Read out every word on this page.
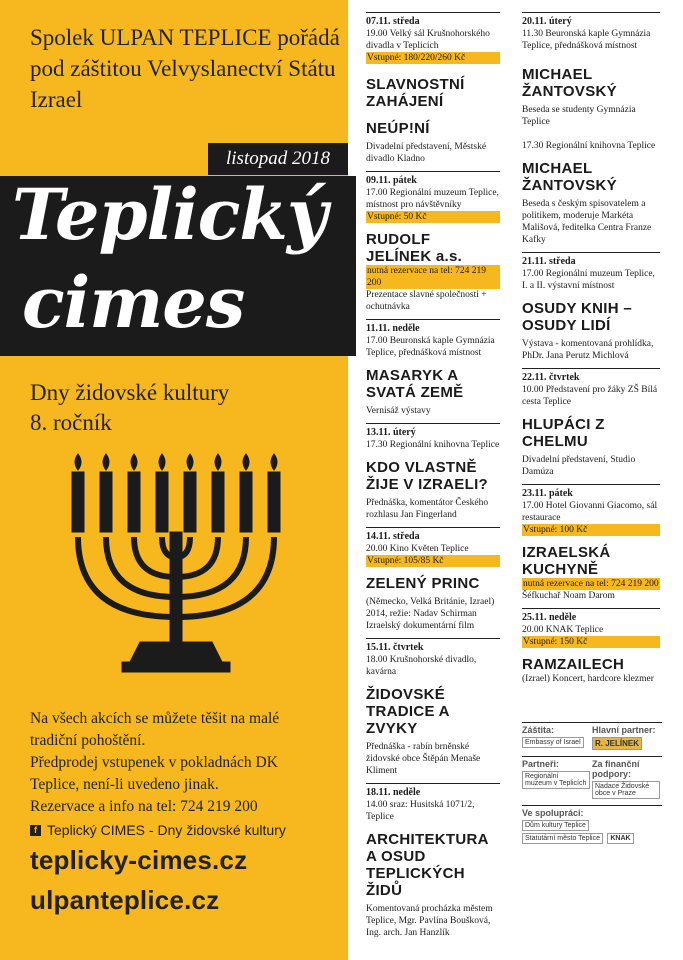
Spolek ULPAN TEPLICE pořádá pod záštitou Velvyslanectví Státu Izrael
listopad 2018
Teplický
cimes
Dny židovské kultury
8. ročník
Na všech akcích se můžete těšit na malé tradiční pohoštění.
Předprodej vstupenek v pokladnách DK Teplice, není-li uvedeno jinak.
Rezervace a info na tel: 724 219 200
f Teplický CIMES - Dny židovské kultury
teplicky-cimes.cz
ulpanteplice.cz
07.11. středa
19.00 Velký sál Krušnohorského divadla v Teplicích
Vstupné: 180/220/260 Kč
SLAVNOSTNÍ ZAHÁJENÍ
NEÚP!NÍ
Divadelní představení, Městské divadlo Kladno
09.11. pátek
17.00 Regionální muzeum Teplice, místnost pro návštěvníky
Vstupné: 50 Kč
RUDOLF JELÍNEK a.s.
nutná rezervace na tel: 724 219 200
Prezentace slavné společnosti + ochutnávka
11.11. neděle
17.00 Beuronská kaple Gymnázia Teplice, přednášková místnost
MASARYK A SVATÁ ZEMĚ
Vernisáž výstavy
13.11. úterý
17.30 Regionální knihovna Teplice
KDO VLASTNĚ ŽIJE V IZRAELI?
Přednáška, komentátor Českého rozhlasu Jan Fingerland
14.11. středa
20.00 Kino Květen Teplice
Vstupné: 105/85 Kč
ZELENÝ PRINC
(Německo, Velká Británie, Izrael) 2014, režie: Nadav Schirman Izraelský dokumentární film
15.11. čtvrtek
18.00 Krušnohorské divadlo, kavárna
ŽIDOVSKÉ TRADICE A ZVYKY
Přednáška - rabín brněnské židovské obce Štěpán Menaše Kliment
18.11. neděle
14.00 sraz: Husitská 1071/2, Teplice
ARCHITEKTURA A OSUD TEPLICKÝCH ŽIDŮ
Komentovaná procházka městem Teplice, Mgr. Pavlína Boušková, Ing. arch. Jan Hanzlík
20.11. úterý
11.30 Beuronská kaple Gymnázia Teplice, přednášková místnost
MICHAEL ŽANTOVSKÝ
Beseda se studenty Gymnázia Teplice
17.30 Regionální knihovna Teplice
MICHAEL ŽANTOVSKÝ
Beseda s českým spisovatelem a politikem, moderuje Markéta Mališová, ředitelka Centra Franze Kafky
21.11. středa
17.00 Regionální muzeum Teplice, I. a II. výstavní místnost
OSUDY KNIH – OSUDY LIDÍ
Výstava - komentovaná prohlídka, PhDr. Jana Perutz Michlová
22.11. čtvrtek
10.00 Představení pro žáky ZŠ Bílá cesta Teplice
HLUPÁCI Z CHELMU
Divadelní představení, Studio Damúza
23.11. pátek
17.00 Hotel Giovanni Giacomo, sál restaurace
Vstupné: 100 Kč
IZRAELSKÁ KUCHYNĚ
nutná rezervace na tel: 724 219 200
Šéfkuchař Noam Darom
25.11. neděle
20.00 KNAK Teplice
Vstupné: 150 Kč
RAMZAILECH
(Izrael) Koncert, hardcore klezmer
Záštita:
Embassy of Israel
Hlavní partner:
R. JELÍNEK
Partneři:
Regionální muzeum v Teplicích
Za finanční podpory:
Nadace Židovské obce v Praze
Ve spolupráci:
Dům kultury Teplice Statutární město Teplice KNAK
